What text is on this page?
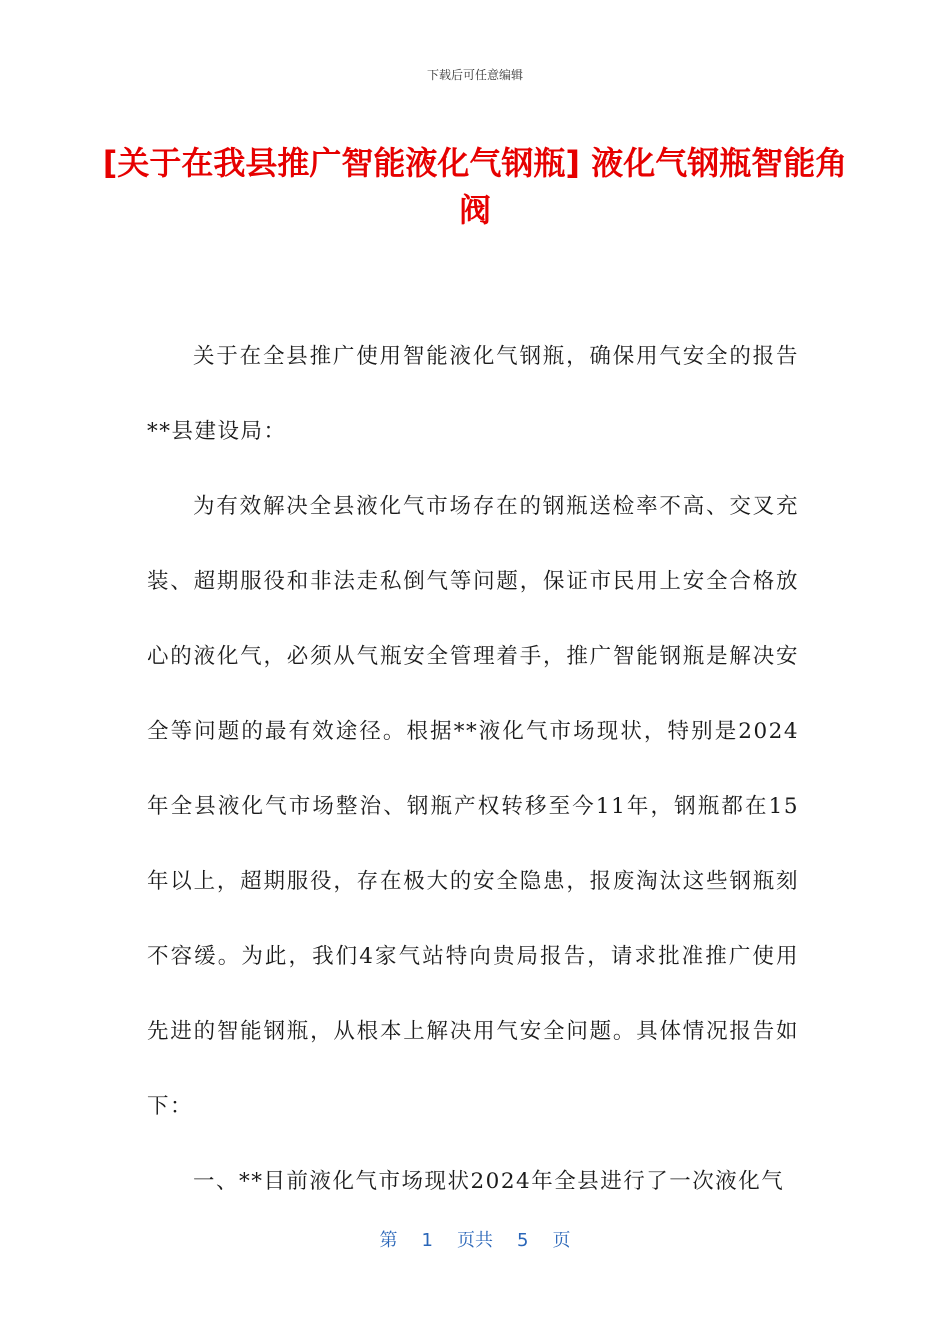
下载后可任意编辑
[关于在我县推广智能液化气钢瓶] 液化气钢瓶智能角阀

关于在全县推广使用智能液化气钢瓶，确保用气安全的报告**县建设局：

为有效解决全县液化气市场存在的钢瓶送检率不高、交叉充装、超期服役和非法走私倒气等问题，保证市民用上安全合格放心的液化气，必须从气瓶安全管理着手，推广智能钢瓶是解决安全等问题的最有效途径。根据**液化气市场现状，特别是2024年全县液化气市场整治、钢瓶产权转移至今11年，钢瓶都在15年以上，超期服役，存在极大的安全隐患，报废淘汰这些钢瓶刻不容缓。为此，我们4家气站特向贵局报告，请求批准推广使用先进的智能钢瓶，从根本上解决用气安全问题。具体情况报告如下：

一、**目前液化气市场现状2024年全县进行了一次液化气

第 1 页共 5 页
